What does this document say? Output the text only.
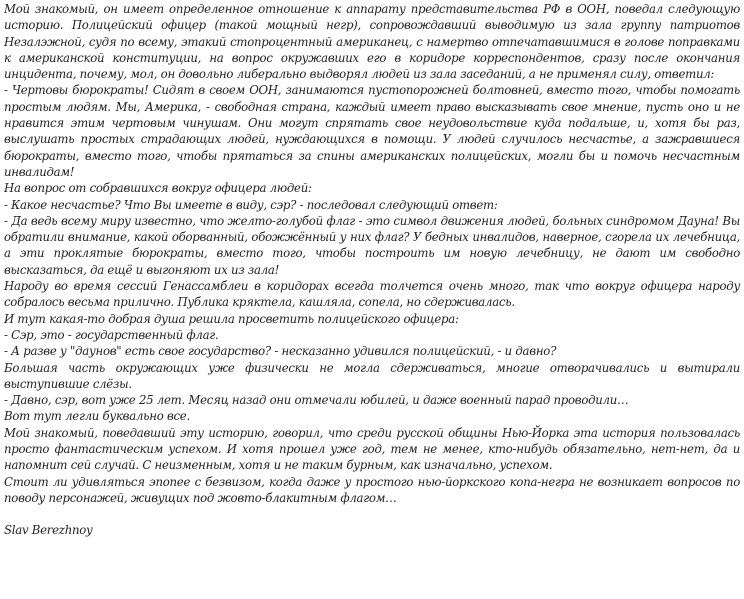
Мой знакомый, он имеет определенное отношение к аппарату представительства РФ в ООН, поведал следующую историю. Полицейский офицер (такой мощный негр), сопровождавший выводимую из зала группу патриотов Незалэжной, судя по всему, этакий стопроцентный американец, с намертво отпечатавшимися в голове поправками к американской конституции, на вопрос окружавших его в коридоре корреспондентов, сразу после окончания инцидента, почему, мол, он довольно либерально выдворял людей из зала заседаний, а не применял силу, ответил:

- Чертовы бюрократы! Сидят в своем ООН, занимаются пустопорожней болтовней, вместо того, чтобы помогать простым людям. Мы, Америка, - свободная страна, каждый имеет право высказывать свое мнение, пусть оно и не нравится этим чертовым чинушам. Они могут спрятать свое неудовольствие куда подальше, и, хотя бы раз, выслушать простых страдающих людей, нуждающихся в помощи. У людей случилось несчастье, а зажравшиеся бюрократы, вместо того, чтобы прятаться за спины американских полицейских, могли бы и помочь несчастным инвалидам!

На вопрос от собравшихся вокруг офицера людей:

- Какое несчастье? Что Вы имеете в виду, сэр? - последовал следующий ответ:

- Да ведь всему миру известно, что желто-голубой флаг - это символ движения людей, больных синдромом Дауна! Вы обратили внимание, какой оборванный, обожжённый у них флаг? У бедных инвалидов, наверное, сгорела их лечебница, а эти проклятые бюрократы, вместо того, чтобы построить им новую лечебницу, не дают им свободно высказаться, да ещё и выгоняют их из зала!

Народу во время сессий Генассамблеи в коридорах всегда толчется очень много, так что вокруг офицера народу собралось весьма прилично. Публика кряктела, кашляла, сопела, но сдерживалась.

И тут какая-то добрая душа решила просветить полицейского офицера:

- Сэр, это - государственный флаг.

- А разве у "даунов" есть свое государство? - несказанно удивился полицейский, - и давно?

Большая часть окружающих уже физически не могла сдерживаться, многие отворачивались и вытирали выступившие слёзы.

- Давно, сэр, вот уже 25 лет. Месяц назад они отмечали юбилей, и даже военный парад проводили…

Вот тут легли буквально все.

Мой знакомый, поведавший эту историю, говорил, что среди русской общины Нью-Йорка эта история пользовалась просто фантастическим успехом. И хотя прошел уже год, тем не менее, кто-нибудь обязательно, нет-нет, да и напомнит сей случай. С неизменным, хотя и не таким бурным, как изначально, успехом.

Стоит ли удивляться эпопее с безвизом, когда даже у простого нью-йоркского копа-негра не возникает вопросов по поводу персонажей, живущих под жовто-блакитным флагом…

Slav Berezhnoy
